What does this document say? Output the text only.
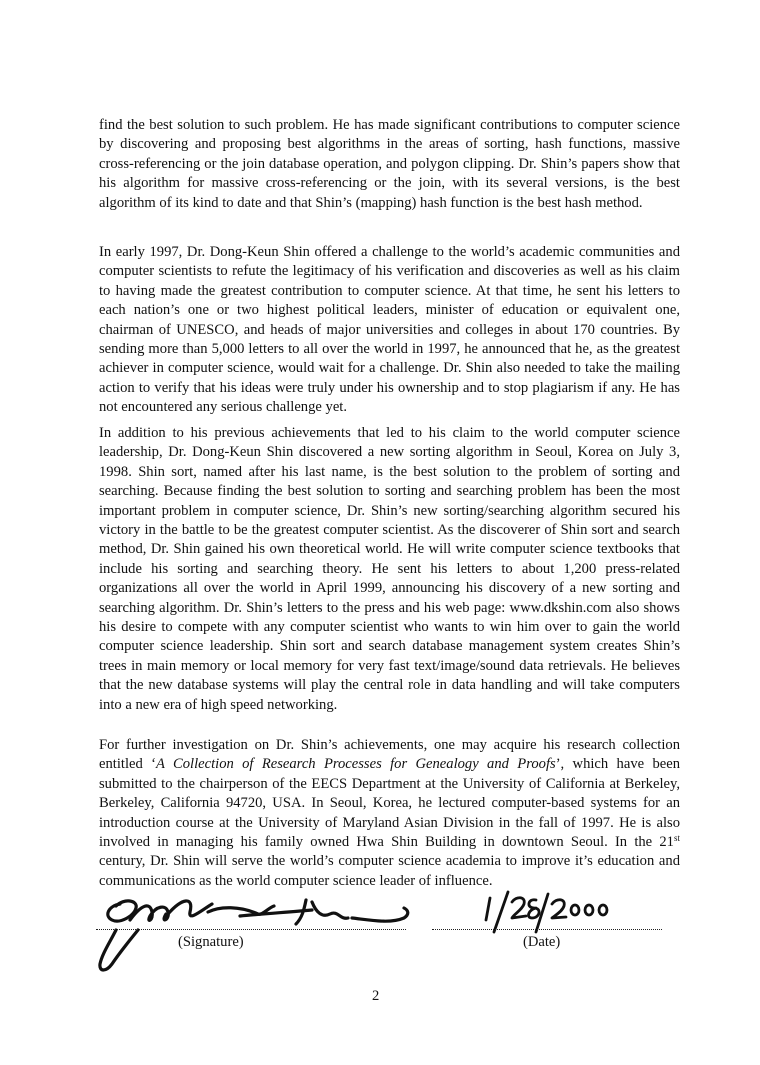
find the best solution to such problem. He has made significant contributions to computer science by discovering and proposing best algorithms in the areas of sorting, hash functions, massive cross-referencing or the join database operation, and polygon clipping. Dr. Shin’s papers show that his algorithm for massive cross-referencing or the join, with its several versions, is the best algorithm of its kind to date and that Shin’s (mapping) hash function is the best hash method.

In early 1997, Dr. Dong-Keun Shin offered a challenge to the world’s academic communities and computer scientists to refute the legitimacy of his verification and discoveries as well as his claim to having made the greatest contribution to computer science. At that time, he sent his letters to each nation’s one or two highest political leaders, minister of education or equivalent one, chairman of UNESCO, and heads of major universities and colleges in about 170 countries. By sending more than 5,000 letters to all over the world in 1997, he announced that he, as the greatest achiever in computer science, would wait for a challenge. Dr. Shin also needed to take the mailing action to verify that his ideas were truly under his ownership and to stop plagiarism if any. He has not encountered any serious challenge yet.

In addition to his previous achievements that led to his claim to the world computer science leadership, Dr. Dong-Keun Shin discovered a new sorting algorithm in Seoul, Korea on July 3, 1998. Shin sort, named after his last name, is the best solution to the problem of sorting and searching. Because finding the best solution to sorting and searching problem has been the most important problem in computer science, Dr. Shin’s new sorting/searching algorithm secured his victory in the battle to be the greatest computer scientist. As the discoverer of Shin sort and search method, Dr. Shin gained his own theoretical world. He will write computer science textbooks that include his sorting and searching theory. He sent his letters to about 1,200 press-related organizations all over the world in April 1999, announcing his discovery of a new sorting and searching algorithm. Dr. Shin’s letters to the press and his web page: www.dkshin.com also shows his desire to compete with any computer scientist who wants to win him over to gain the world computer science leadership. Shin sort and search database management system creates Shin’s trees in main memory or local memory for very fast text/image/sound data retrievals. He believes that the new database systems will play the central role in data handling and will take computers into a new era of high speed networking.

For further investigation on Dr. Shin’s achievements, one may acquire his research collection entitled ‘A Collection of Research Processes for Genealogy and Proofs’, which have been submitted to the chairperson of the EECS Department at the University of California at Berkeley, Berkeley, California 94720, USA. In Seoul, Korea, he lectured computer-based systems for an introduction course at the University of Maryland Asian Division in the fall of 1997. He is also involved in managing his family owned Hwa Shin Building in downtown Seoul. In the 21st century, Dr. Shin will serve the world’s computer science academia to improve it’s education and communications as the world computer science leader of influence.

(Signature)	(Date)
2
